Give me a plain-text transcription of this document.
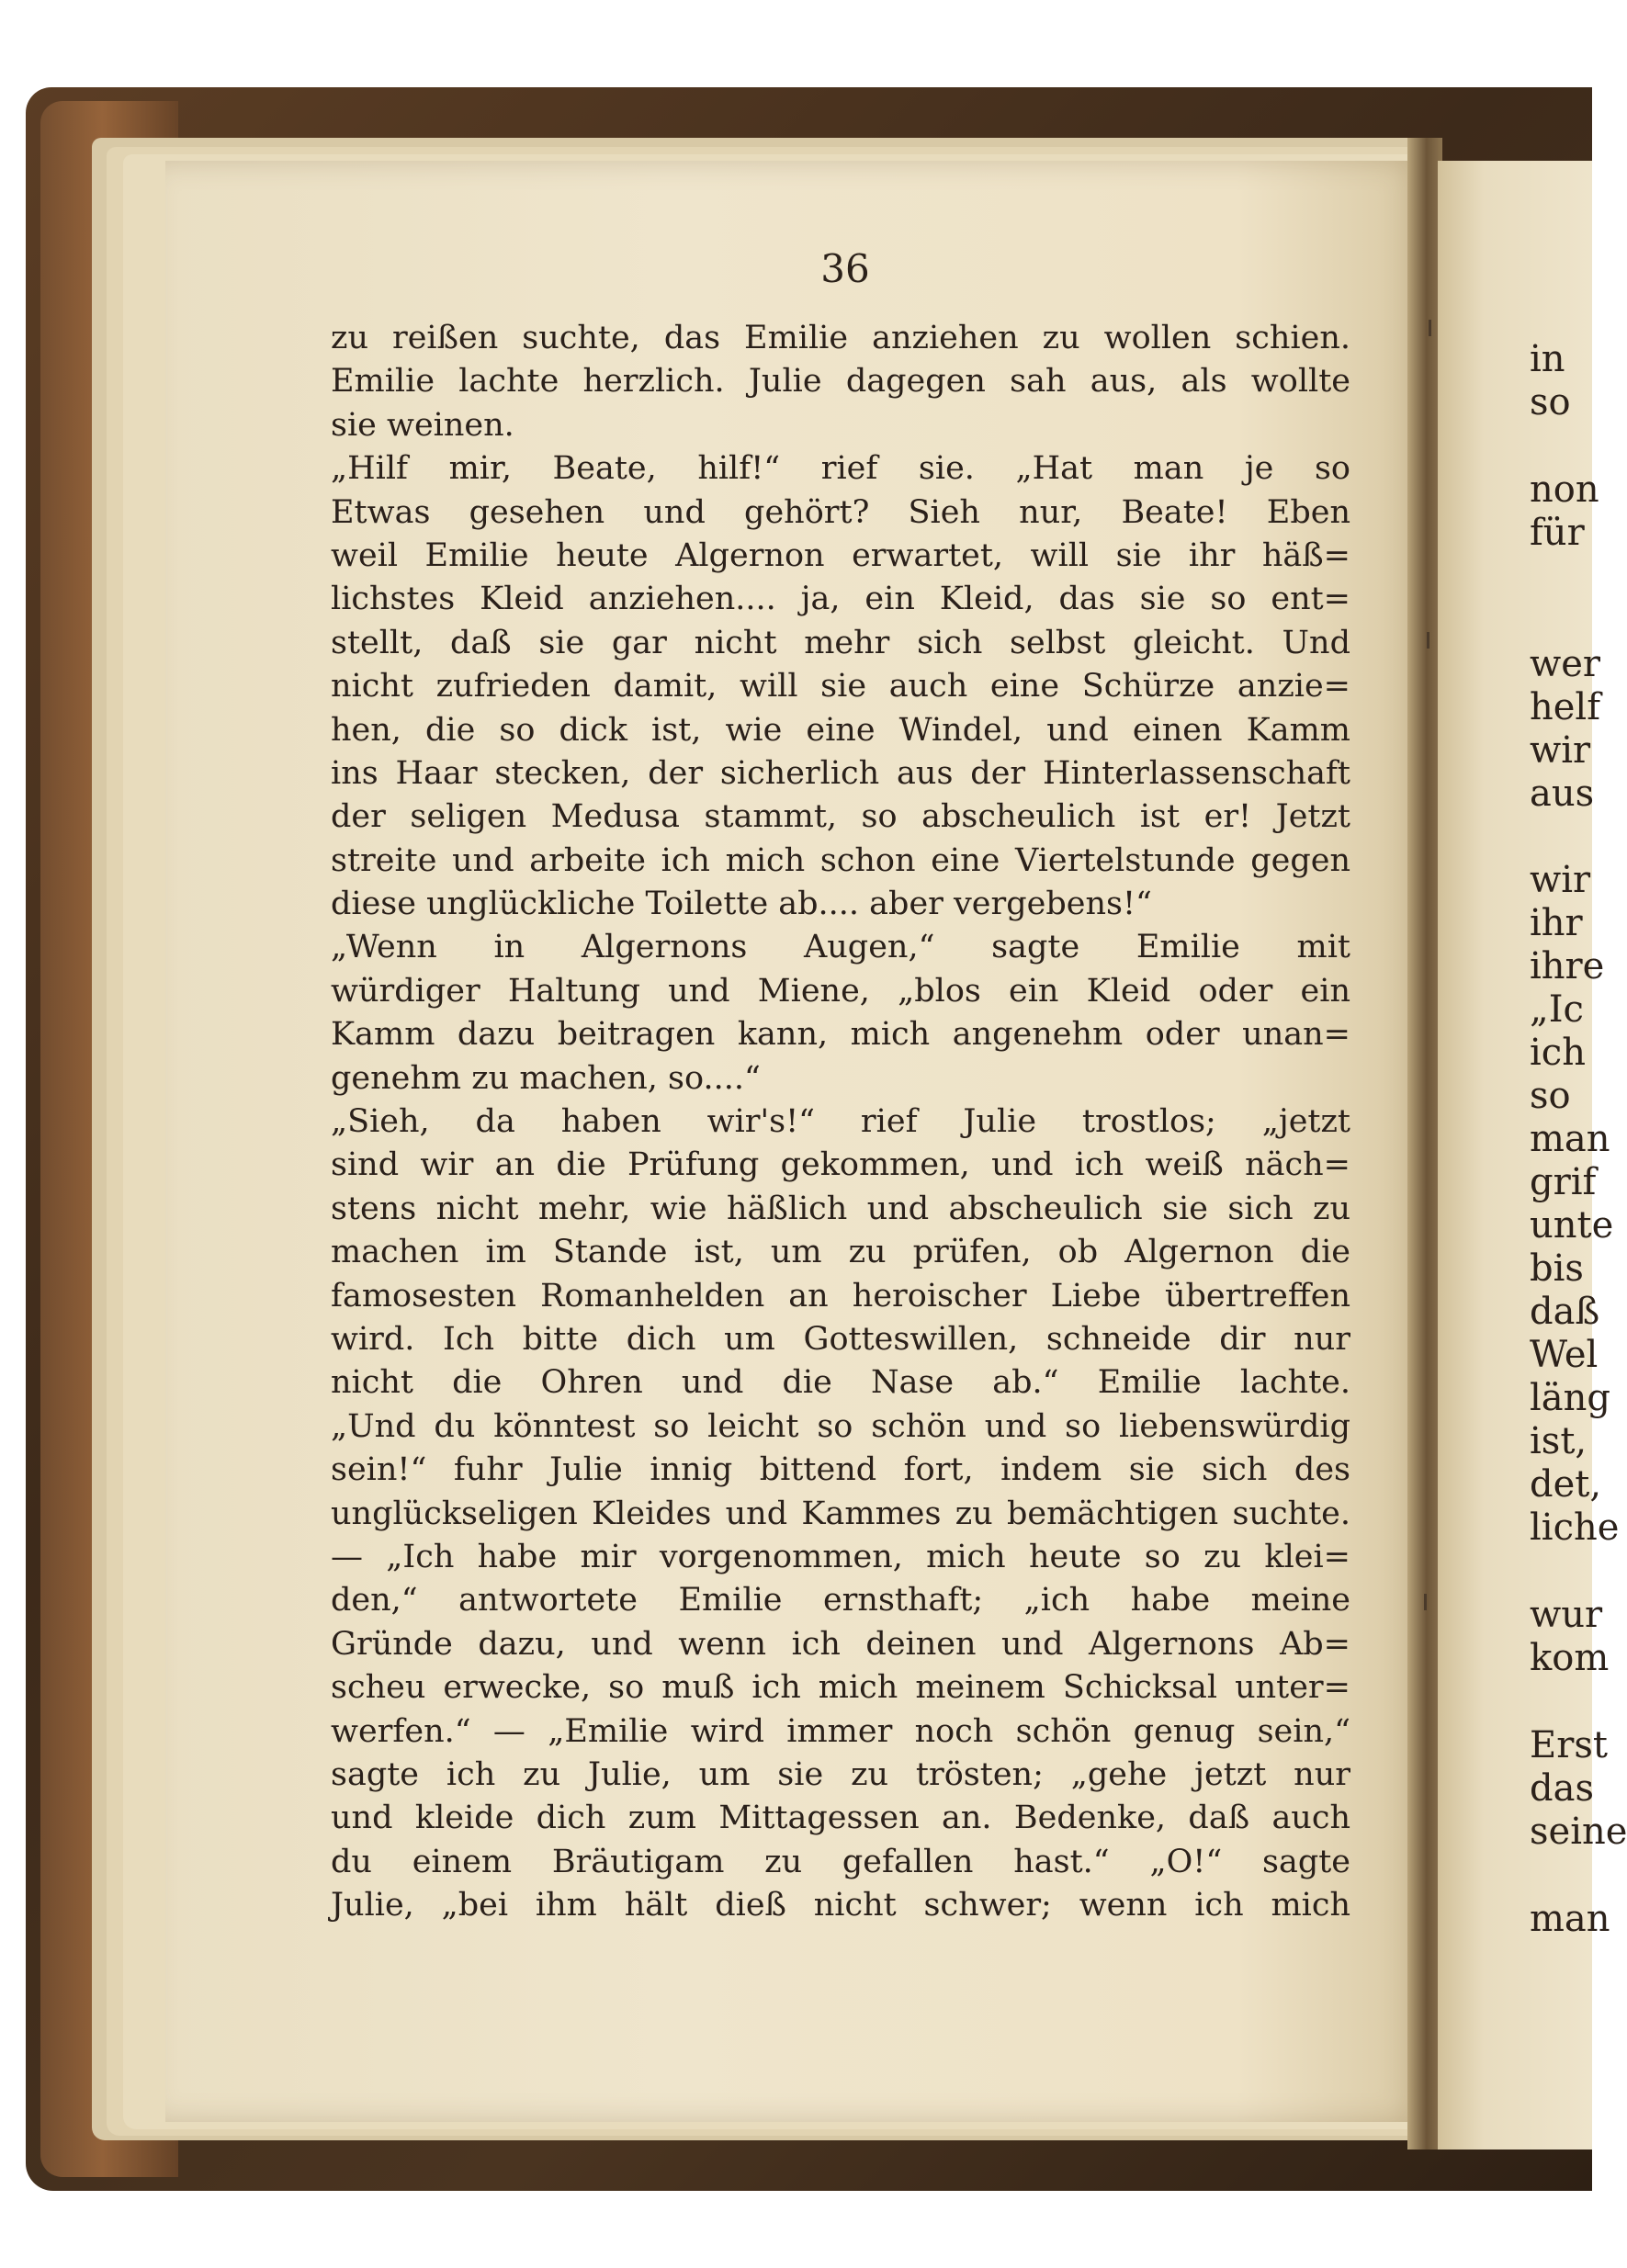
in
so
non
für
wer
helf
wir
aus
wir
ihr
ihre
„Ic
ich
so
man
grif
unte
bis
daß
Wel
läng
ist,
det,
liche
wur
kom
Erst
das
seine
man
36
zu reißen suchte, das Emilie anziehen zu wollen schien.
Emilie lachte herzlich. Julie dagegen sah aus, als wollte
sie weinen.
„Hilf mir, Beate, hilf!“ rief sie. „Hat man je so
Etwas gesehen und gehört? Sieh nur, Beate! Eben
weil Emilie heute Algernon erwartet, will sie ihr häß=
lichstes Kleid anziehen.... ja, ein Kleid, das sie so ent=
stellt, daß sie gar nicht mehr sich selbst gleicht. Und
nicht zufrieden damit, will sie auch eine Schürze anzie=
hen, die so dick ist, wie eine Windel, und einen Kamm
ins Haar stecken, der sicherlich aus der Hinterlassenschaft
der seligen Medusa stammt, so abscheulich ist er! Jetzt
streite und arbeite ich mich schon eine Viertelstunde gegen
diese unglückliche Toilette ab.... aber vergebens!“
„Wenn in Algernons Augen,“ sagte Emilie mit
würdiger Haltung und Miene, „blos ein Kleid oder ein
Kamm dazu beitragen kann, mich angenehm oder unan=
genehm zu machen, so....“
„Sieh, da haben wir's!“ rief Julie trostlos; „jetzt
sind wir an die Prüfung gekommen, und ich weiß näch=
stens nicht mehr, wie häßlich und abscheulich sie sich zu
machen im Stande ist, um zu prüfen, ob Algernon die
famosesten Romanhelden an heroischer Liebe übertreffen
wird. Ich bitte dich um Gotteswillen, schneide dir nur
nicht die Ohren und die Nase ab.“ Emilie lachte.
„Und du könntest so leicht so schön und so liebenswürdig
sein!“ fuhr Julie innig bittend fort, indem sie sich des
unglückseligen Kleides und Kammes zu bemächtigen suchte.
— „Ich habe mir vorgenommen, mich heute so zu klei=
den,“ antwortete Emilie ernsthaft; „ich habe meine
Gründe dazu, und wenn ich deinen und Algernons Ab=
scheu erwecke, so muß ich mich meinem Schicksal unter=
werfen.“ — „Emilie wird immer noch schön genug sein,“
sagte ich zu Julie, um sie zu trösten; „gehe jetzt nur
und kleide dich zum Mittagessen an. Bedenke, daß auch
du einem Bräutigam zu gefallen hast.“ „O!“ sagte
Julie, „bei ihm hält dieß nicht schwer; wenn ich mich
